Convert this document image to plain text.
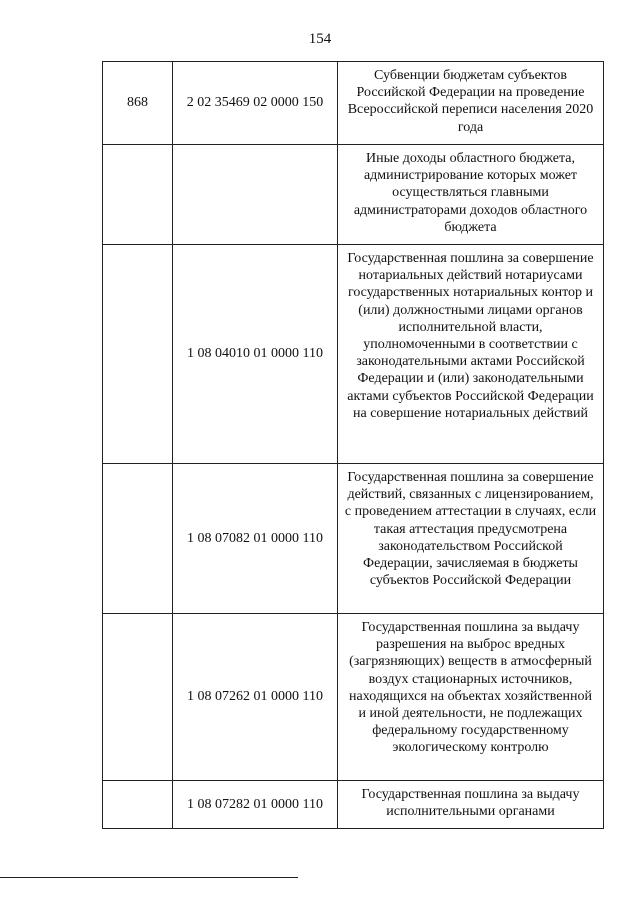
154
868	2 02 35469 02 0000 150	Субвенции бюджетам субъектов Российской Федерации на проведение Всероссийской переписи населения 2020 года
		Иные доходы областного бюджета, администрирование которых может осуществляться главными администраторами доходов областного бюджета
	1 08 04010 01 0000 110	Государственная пошлина за совершение нотариальных действий нотариусами государственных нотариальных контор и (или) должностными лицами органов исполнительной власти, уполномоченными в соответствии с законодательными актами Российской Федерации и (или) законодательными актами субъектов Российской Федерации на совершение нотариальных действий
	1 08 07082 01 0000 110	Государственная пошлина за совершение действий, связанных с лицензированием, с проведением аттестации в случаях, если такая аттестация предусмотрена законодательством Российской Федерации, зачисляемая в бюджеты субъектов Российской Федерации
	1 08 07262 01 0000 110	Государственная пошлина за выдачу разрешения на выброс вредных (загрязняющих) веществ в атмосферный воздух стационарных источников, находящихся на объектах хозяйственной и иной деятельности, не подлежащих федеральному государственному экологическому контролю
	1 08 07282 01 0000 110	Государственная пошлина за выдачу исполнительными органами
